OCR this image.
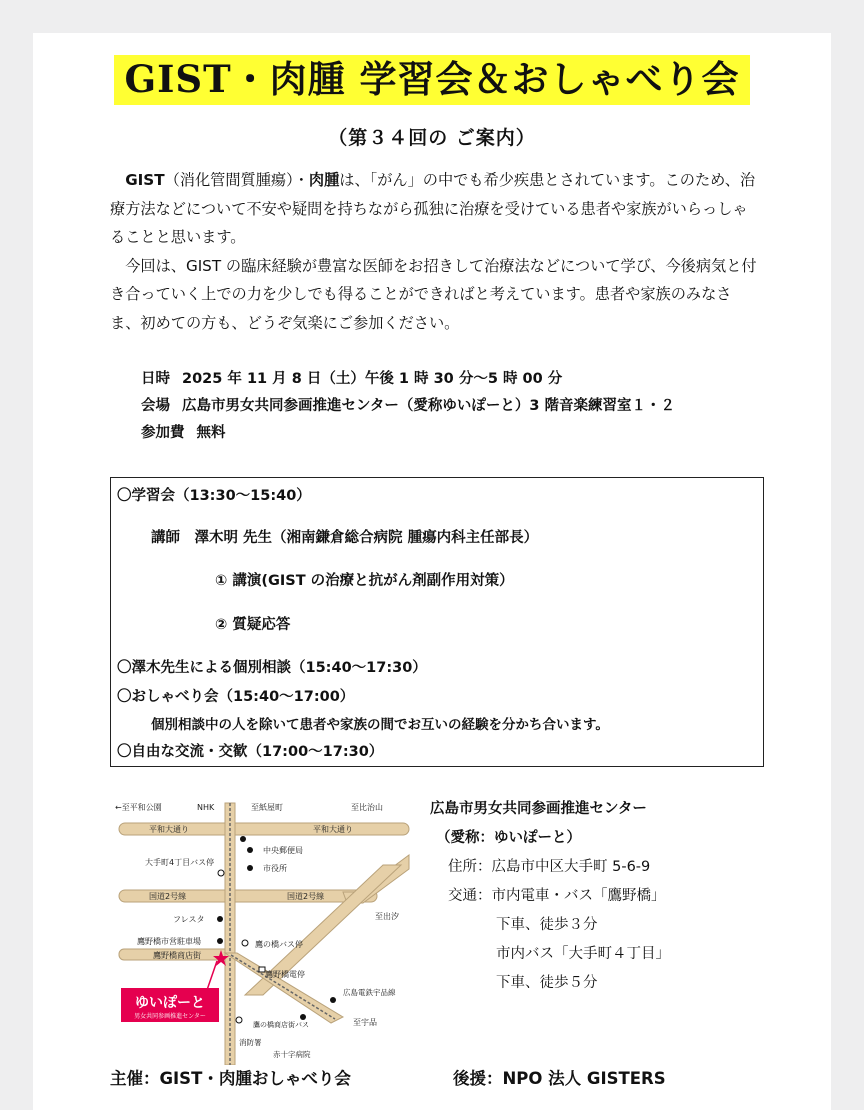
GIST・肉腫 学習会＆おしゃべり会
（第３４回の ご案内）

GIST（消化管間質腫瘍）・肉腫は、「がん」の中でも希少疾患とされています。このため、治療方法などについて不安や疑問を持ちながら孤独に治療を受けている患者や家族がいらっしゃることと思います。

今回は、GIST の臨床経験が豊富な医師をお招きして治療法などについて学び、今後病気と付き合っていく上での力を少しでも得ることができればと考えています。患者や家族のみなさま、初めての方も、どうぞ気楽にご参加ください。

日時 2025 年 11 月 8 日（土）午後 1 時 30 分～5 時 00 分
会場 広島市男女共同参画推進センター（愛称ゆいぽーと）3 階音楽練習室１・２
参加費 無料
〇学習会（13:30～15:40）
講師　澤木明 先生（湘南鎌倉総合病院 腫瘍内科主任部長）
① 講演(GIST の治療と抗がん剤副作用対策）
② 質疑応答
〇澤木先生による個別相談（15:40～17:30）
〇おしゃべり会（15:40～17:00）
個別相談中の人を除いて患者や家族の間でお互いの経験を分かち合います。
〇自由な交流・交歓（17:00～17:30）
←至平和公園	NHK	至紙屋町	至比治山
平和大通り	平和大通り
中央郵便局
市役所
大手町4丁目バス停
国道2号線	国道2号線
フレスタ	至出汐
鷹野橋市営駐車場
鷹野橋商店街
鷹の橋バス停
鷹野橋電停
広島電鉄宇品線
至宇品
消防署
赤十字病院
鷹の橋商店街バス
ゆいぽーと
男女共同参画推進センター
広島市男女共同参画推進センター
（愛称：ゆいぽーと）
住所：広島市中区大手町 5-6-9
交通：市内電車・バス「鷹野橋」
下車、徒歩３分
市内バス「大手町４丁目」
下車、徒歩５分
主催：GIST・肉腫おしゃべり会	後援：NPO 法人 GISTERS
